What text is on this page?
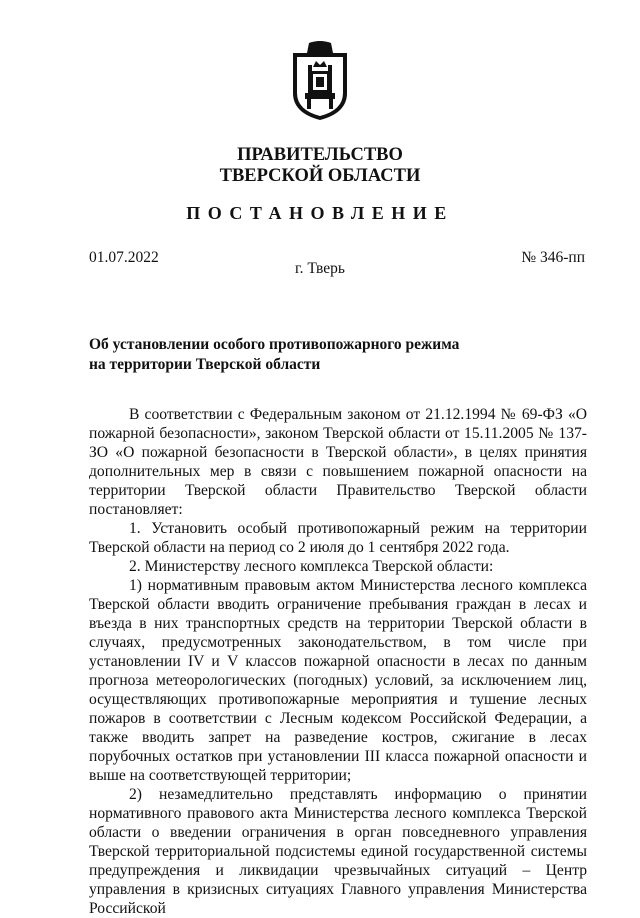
ПРАВИТЕЛЬСТВО
ТВЕРСКОЙ ОБЛАСТИ
ПОСТАНОВЛЕНИЕ
01.07.2022	№ 346-пп
г. Тверь
Об установлении особого противопожарного режима
на территории Тверской области

В соответствии с Федеральным законом от 21.12.1994 № 69-ФЗ «О пожарной безопасности», законом Тверской области от 15.11.2005 № 137-ЗО «О пожарной безопасности в Тверской области», в целях принятия дополнительных мер в связи с повышением пожарной опасности на территории Тверской области Правительство Тверской области постановляет:

1. Установить особый противопожарный режим на территории Тверской области на период со 2 июля до 1 сентября 2022 года.

2. Министерству лесного комплекса Тверской области:

1) нормативным правовым актом Министерства лесного комплекса Тверской области вводить ограничение пребывания граждан в лесах и въезда в них транспортных средств на территории Тверской области в случаях, предусмотренных законодательством, в том числе при установлении IV и V классов пожарной опасности в лесах по данным прогноза метеорологических (погодных) условий, за исключением лиц, осуществляющих противопожарные мероприятия и тушение лесных пожаров в соответствии с Лесным кодексом Российской Федерации, а также вводить запрет на разведение костров, сжигание в лесах порубочных остатков при установлении III класса пожарной опасности и выше на соответствующей территории;

2) незамедлительно представлять информацию о принятии нормативного правового акта Министерства лесного комплекса Тверской области о введении ограничения в орган повседневного управления Тверской территориальной подсистемы единой государственной системы предупреждения и ликвидации чрезвычайных ситуаций – Центр управления в кризисных ситуациях Главного управления Министерства Российской
